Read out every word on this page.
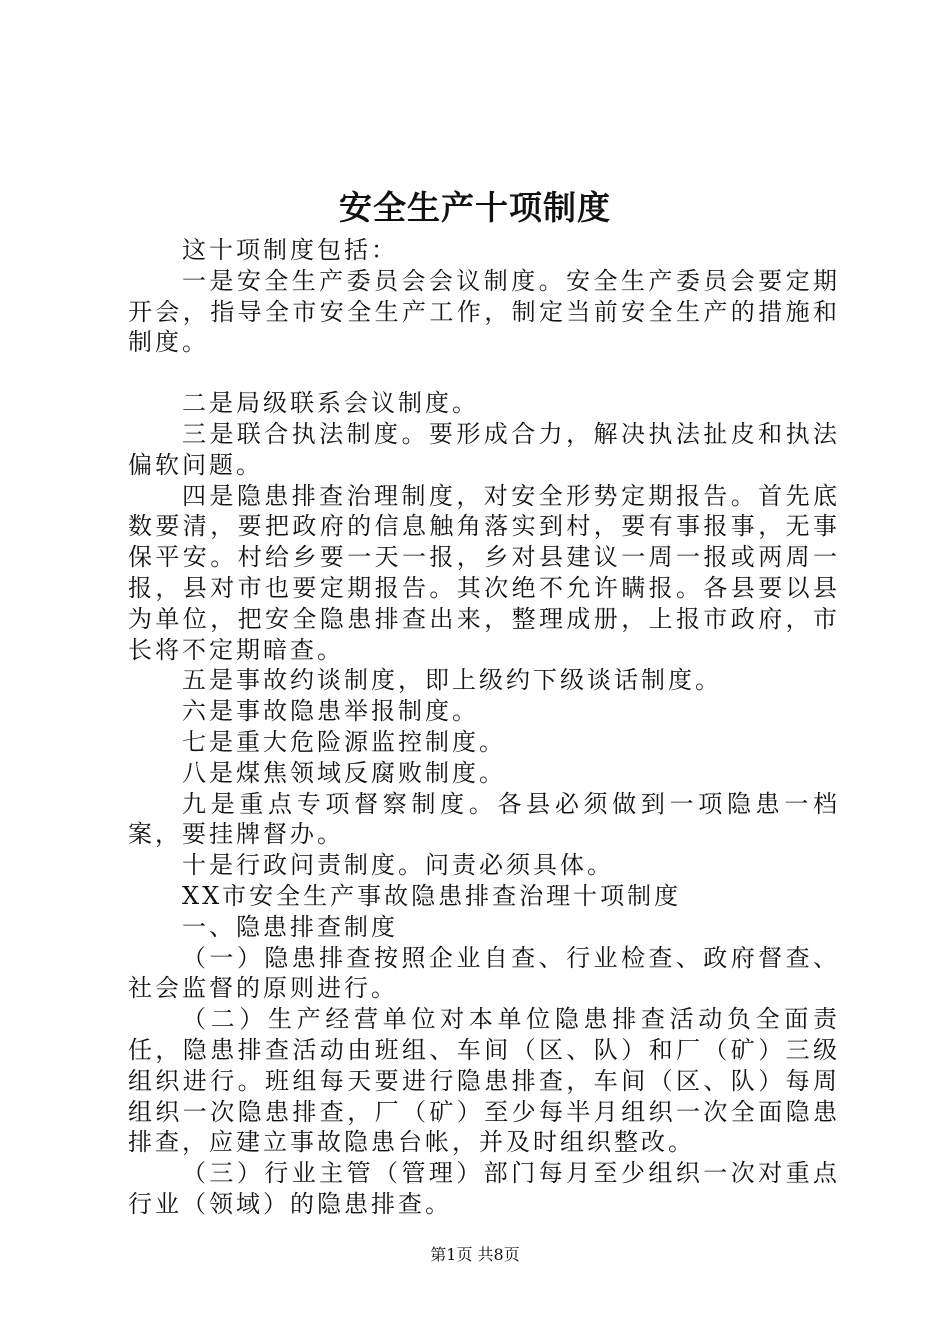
安全生产十项制度

这十项制度包括：

一是安全生产委员会会议制度。安全生产委员会要定期开会，指导全市安全生产工作，制定当前安全生产的措施和制度。

二是局级联系会议制度。

三是联合执法制度。要形成合力，解决执法扯皮和执法偏软问题。

四是隐患排查治理制度，对安全形势定期报告。首先底数要清，要把政府的信息触角落实到村，要有事报事，无事保平安。村给乡要一天一报，乡对县建议一周一报或两周一报，县对市也要定期报告。其次绝不允许瞒报。各县要以县为单位，把安全隐患排查出来，整理成册，上报市政府，市长将不定期暗查。

五是事故约谈制度，即上级约下级谈话制度。

六是事故隐患举报制度。

七是重大危险源监控制度。

八是煤焦领域反腐败制度。

九是重点专项督察制度。各县必须做到一项隐患一档案，要挂牌督办。

十是行政问责制度。问责必须具体。

XX市安全生产事故隐患排查治理十项制度

一、隐患排查制度

（一）隐患排查按照企业自查、行业检查、政府督查、社会监督的原则进行。

（二）生产经营单位对本单位隐患排查活动负全面责任，隐患排查活动由班组、车间（区、队）和厂（矿）三级组织进行。班组每天要进行隐患排查，车间（区、队）每周组织一次隐患排查，厂（矿）至少每半月组织一次全面隐患排查，应建立事故隐患台帐，并及时组织整改。

（三）行业主管（管理）部门每月至少组织一次对重点行业（领域）的隐患排查。

第1页 共8页
